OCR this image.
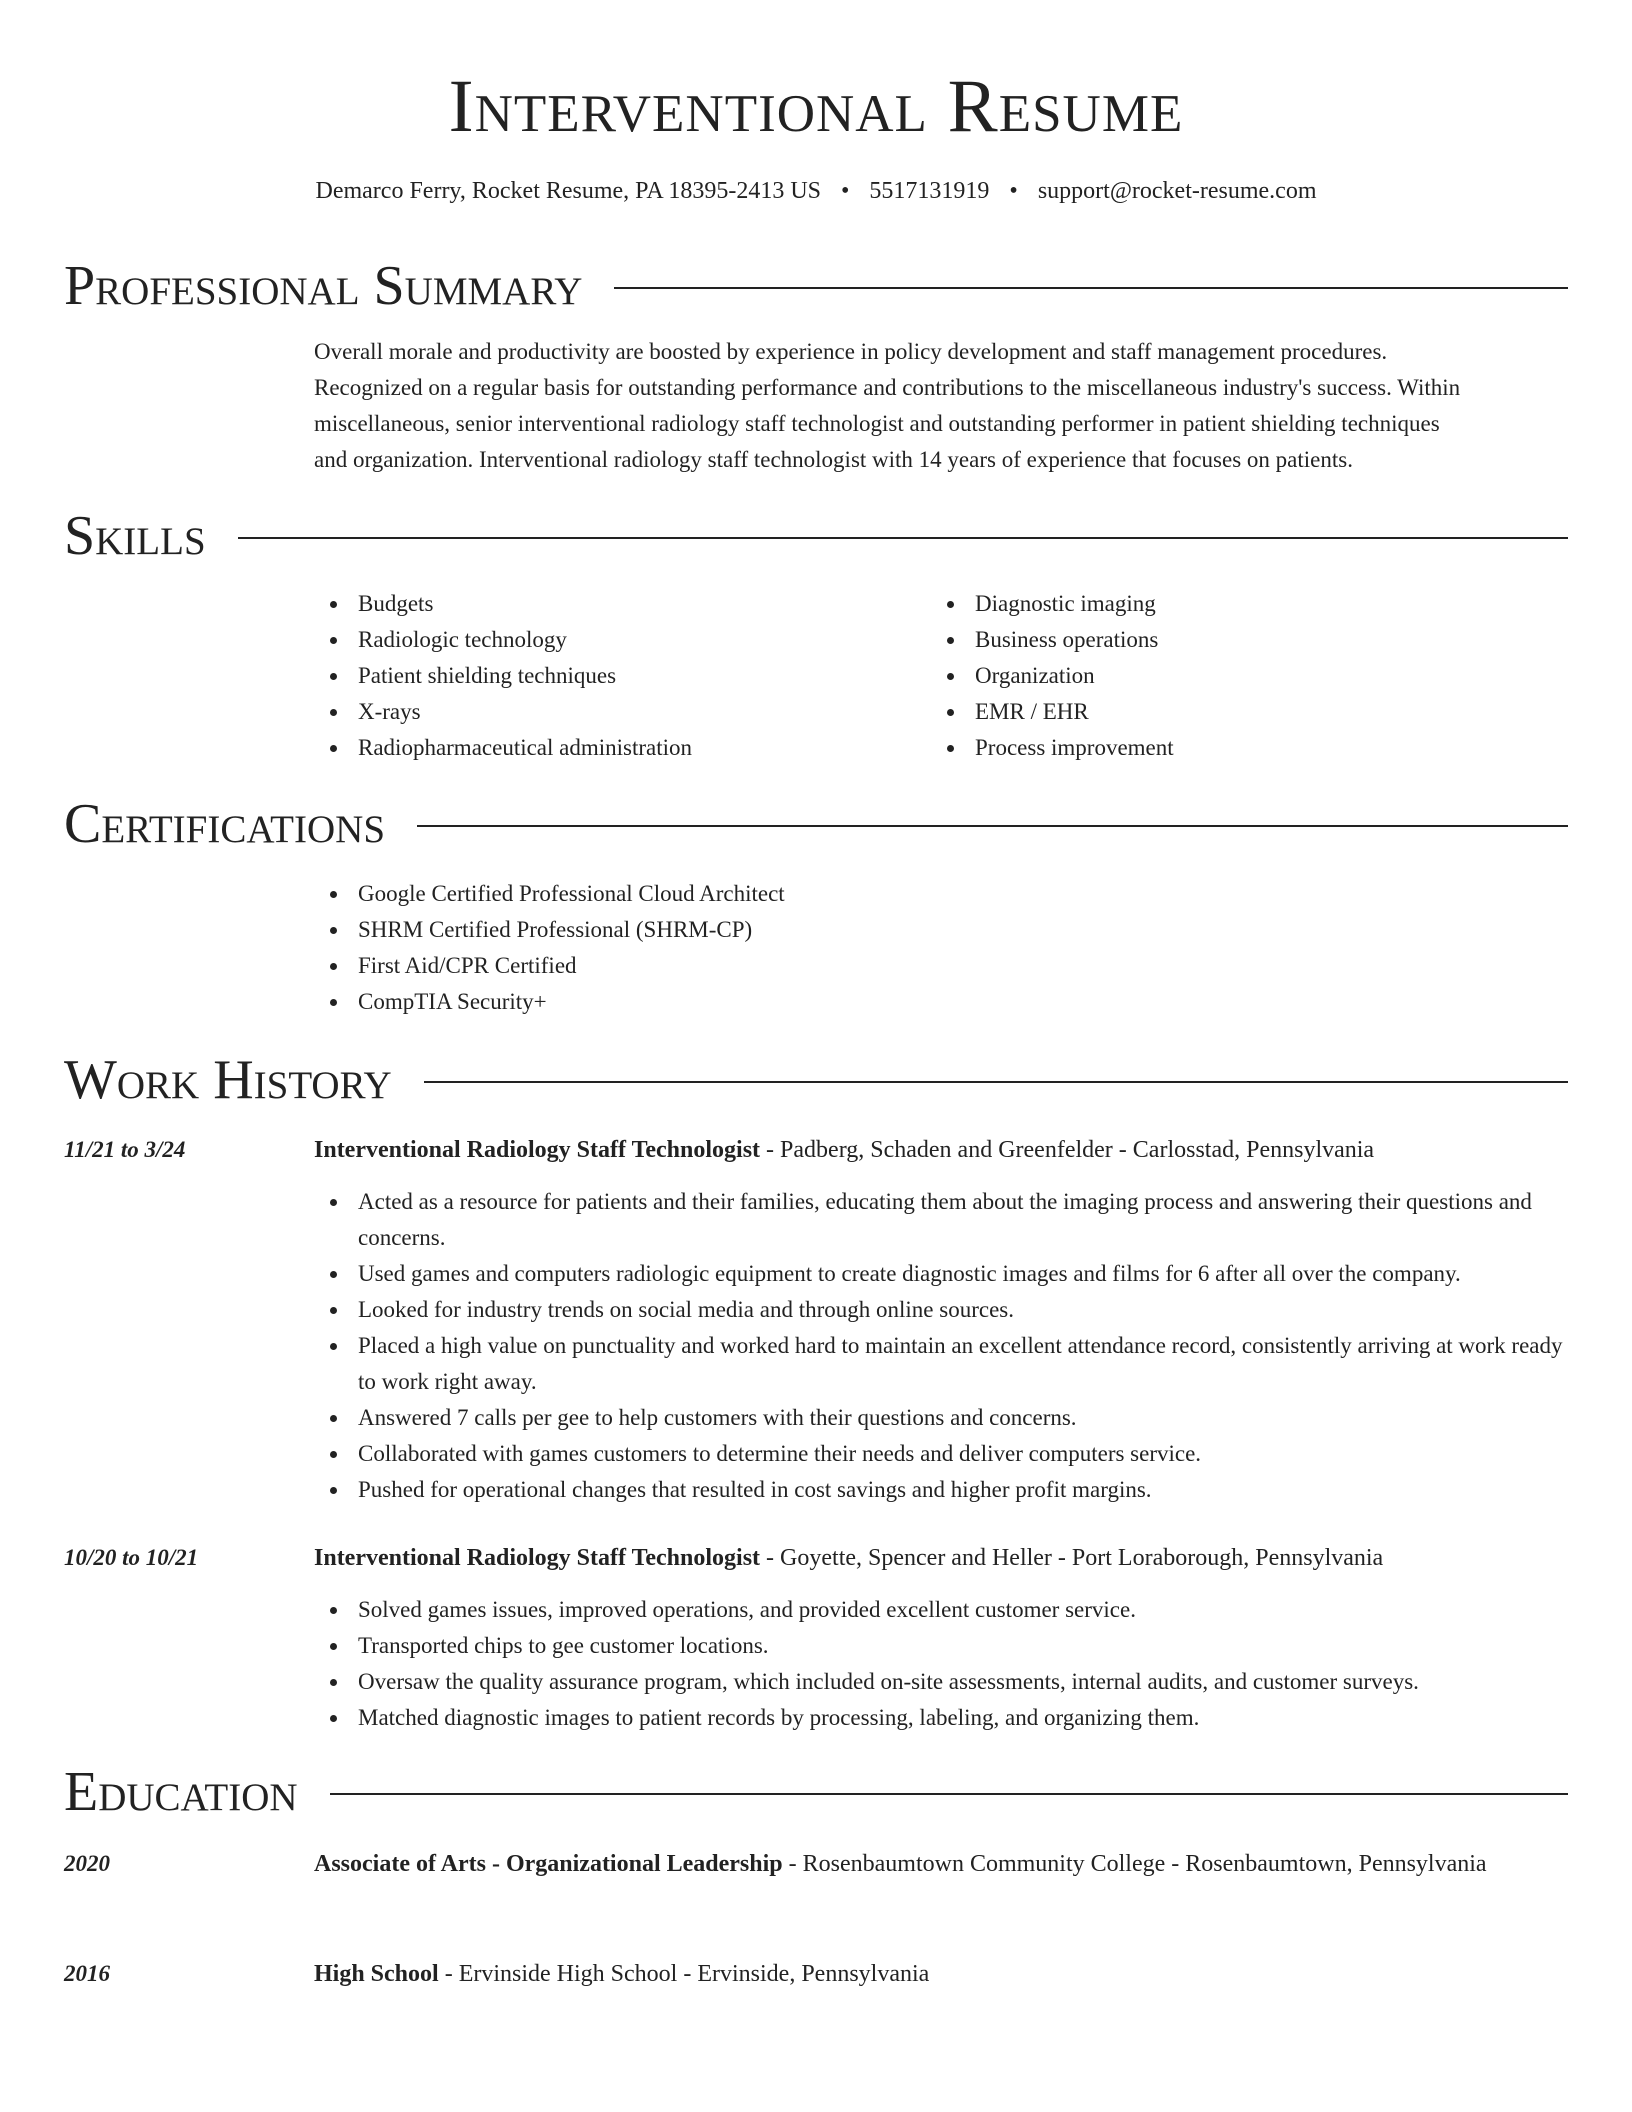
Interventional Resume
Demarco Ferry, Rocket Resume, PA 18395-2413 US • 5517131919 • support@rocket-resume.com
Professional Summary
Overall morale and productivity are boosted by experience in policy development and staff management procedures.
Recognized on a regular basis for outstanding performance and contributions to the miscellaneous industry's success. Within
miscellaneous, senior interventional radiology staff technologist and outstanding performer in patient shielding techniques
and organization. Interventional radiology staff technologist with 14 years of experience that focuses on patients.
Skills
Budgets
Radiologic technology
Patient shielding techniques
X-rays
Radiopharmaceutical administration
Diagnostic imaging
Business operations
Organization
EMR / EHR
Process improvement
Certifications
Google Certified Professional Cloud Architect
SHRM Certified Professional (SHRM-CP)
First Aid/CPR Certified
CompTIA Security+
Work History
11/21 to 3/24	Interventional Radiology Staff Technologist - Padberg, Schaden and Greenfelder - Carlosstad, Pennsylvania
Acted as a resource for patients and their families, educating them about the imaging process and answering their questions and concerns.
Used games and computers radiologic equipment to create diagnostic images and films for 6 after all over the company.
Looked for industry trends on social media and through online sources.
Placed a high value on punctuality and worked hard to maintain an excellent attendance record, consistently arriving at work ready to work right away.
Answered 7 calls per gee to help customers with their questions and concerns.
Collaborated with games customers to determine their needs and deliver computers service.
Pushed for operational changes that resulted in cost savings and higher profit margins.
10/20 to 10/21	Interventional Radiology Staff Technologist - Goyette, Spencer and Heller - Port Loraborough, Pennsylvania
Solved games issues, improved operations, and provided excellent customer service.
Transported chips to gee customer locations.
Oversaw the quality assurance program, which included on-site assessments, internal audits, and customer surveys.
Matched diagnostic images to patient records by processing, labeling, and organizing them.
Education
2020	Associate of Arts - Organizational Leadership - Rosenbaumtown Community College - Rosenbaumtown, Pennsylvania
2016	High School - Ervinside High School - Ervinside, Pennsylvania
